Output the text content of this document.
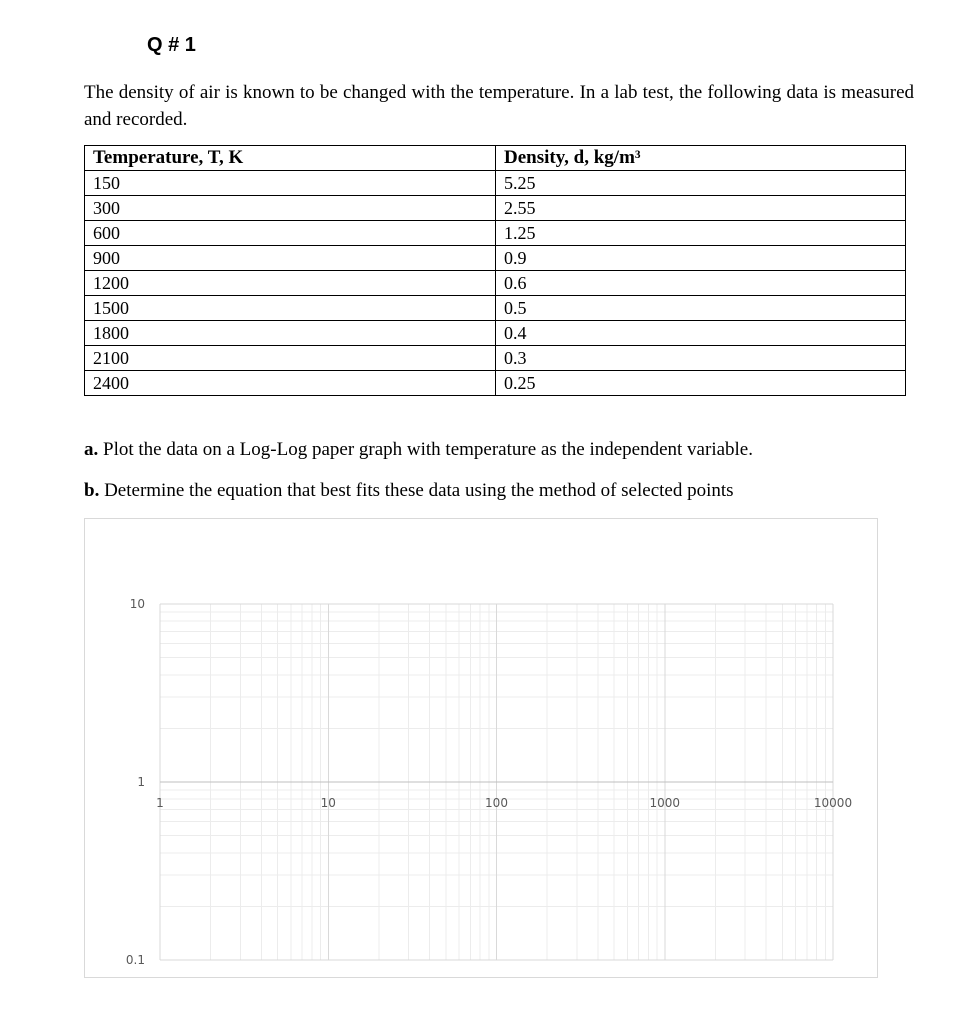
Q # 1
The density of air is known to be changed with the temperature. In a lab test, the following data is measured and recorded.
Temperature, T, K	Density, d, kg/m³
150	5.25
300	2.55
600	1.25
900	0.9
1200	0.6
1500	0.5
1800	0.4
2100	0.3
2400	0.25
a. Plot the data on a Log-Log paper graph with temperature as the independent variable.
b. Determine the equation that best fits these data using the method of selected points
1	10	100	1000	10000
0.1
1
10
